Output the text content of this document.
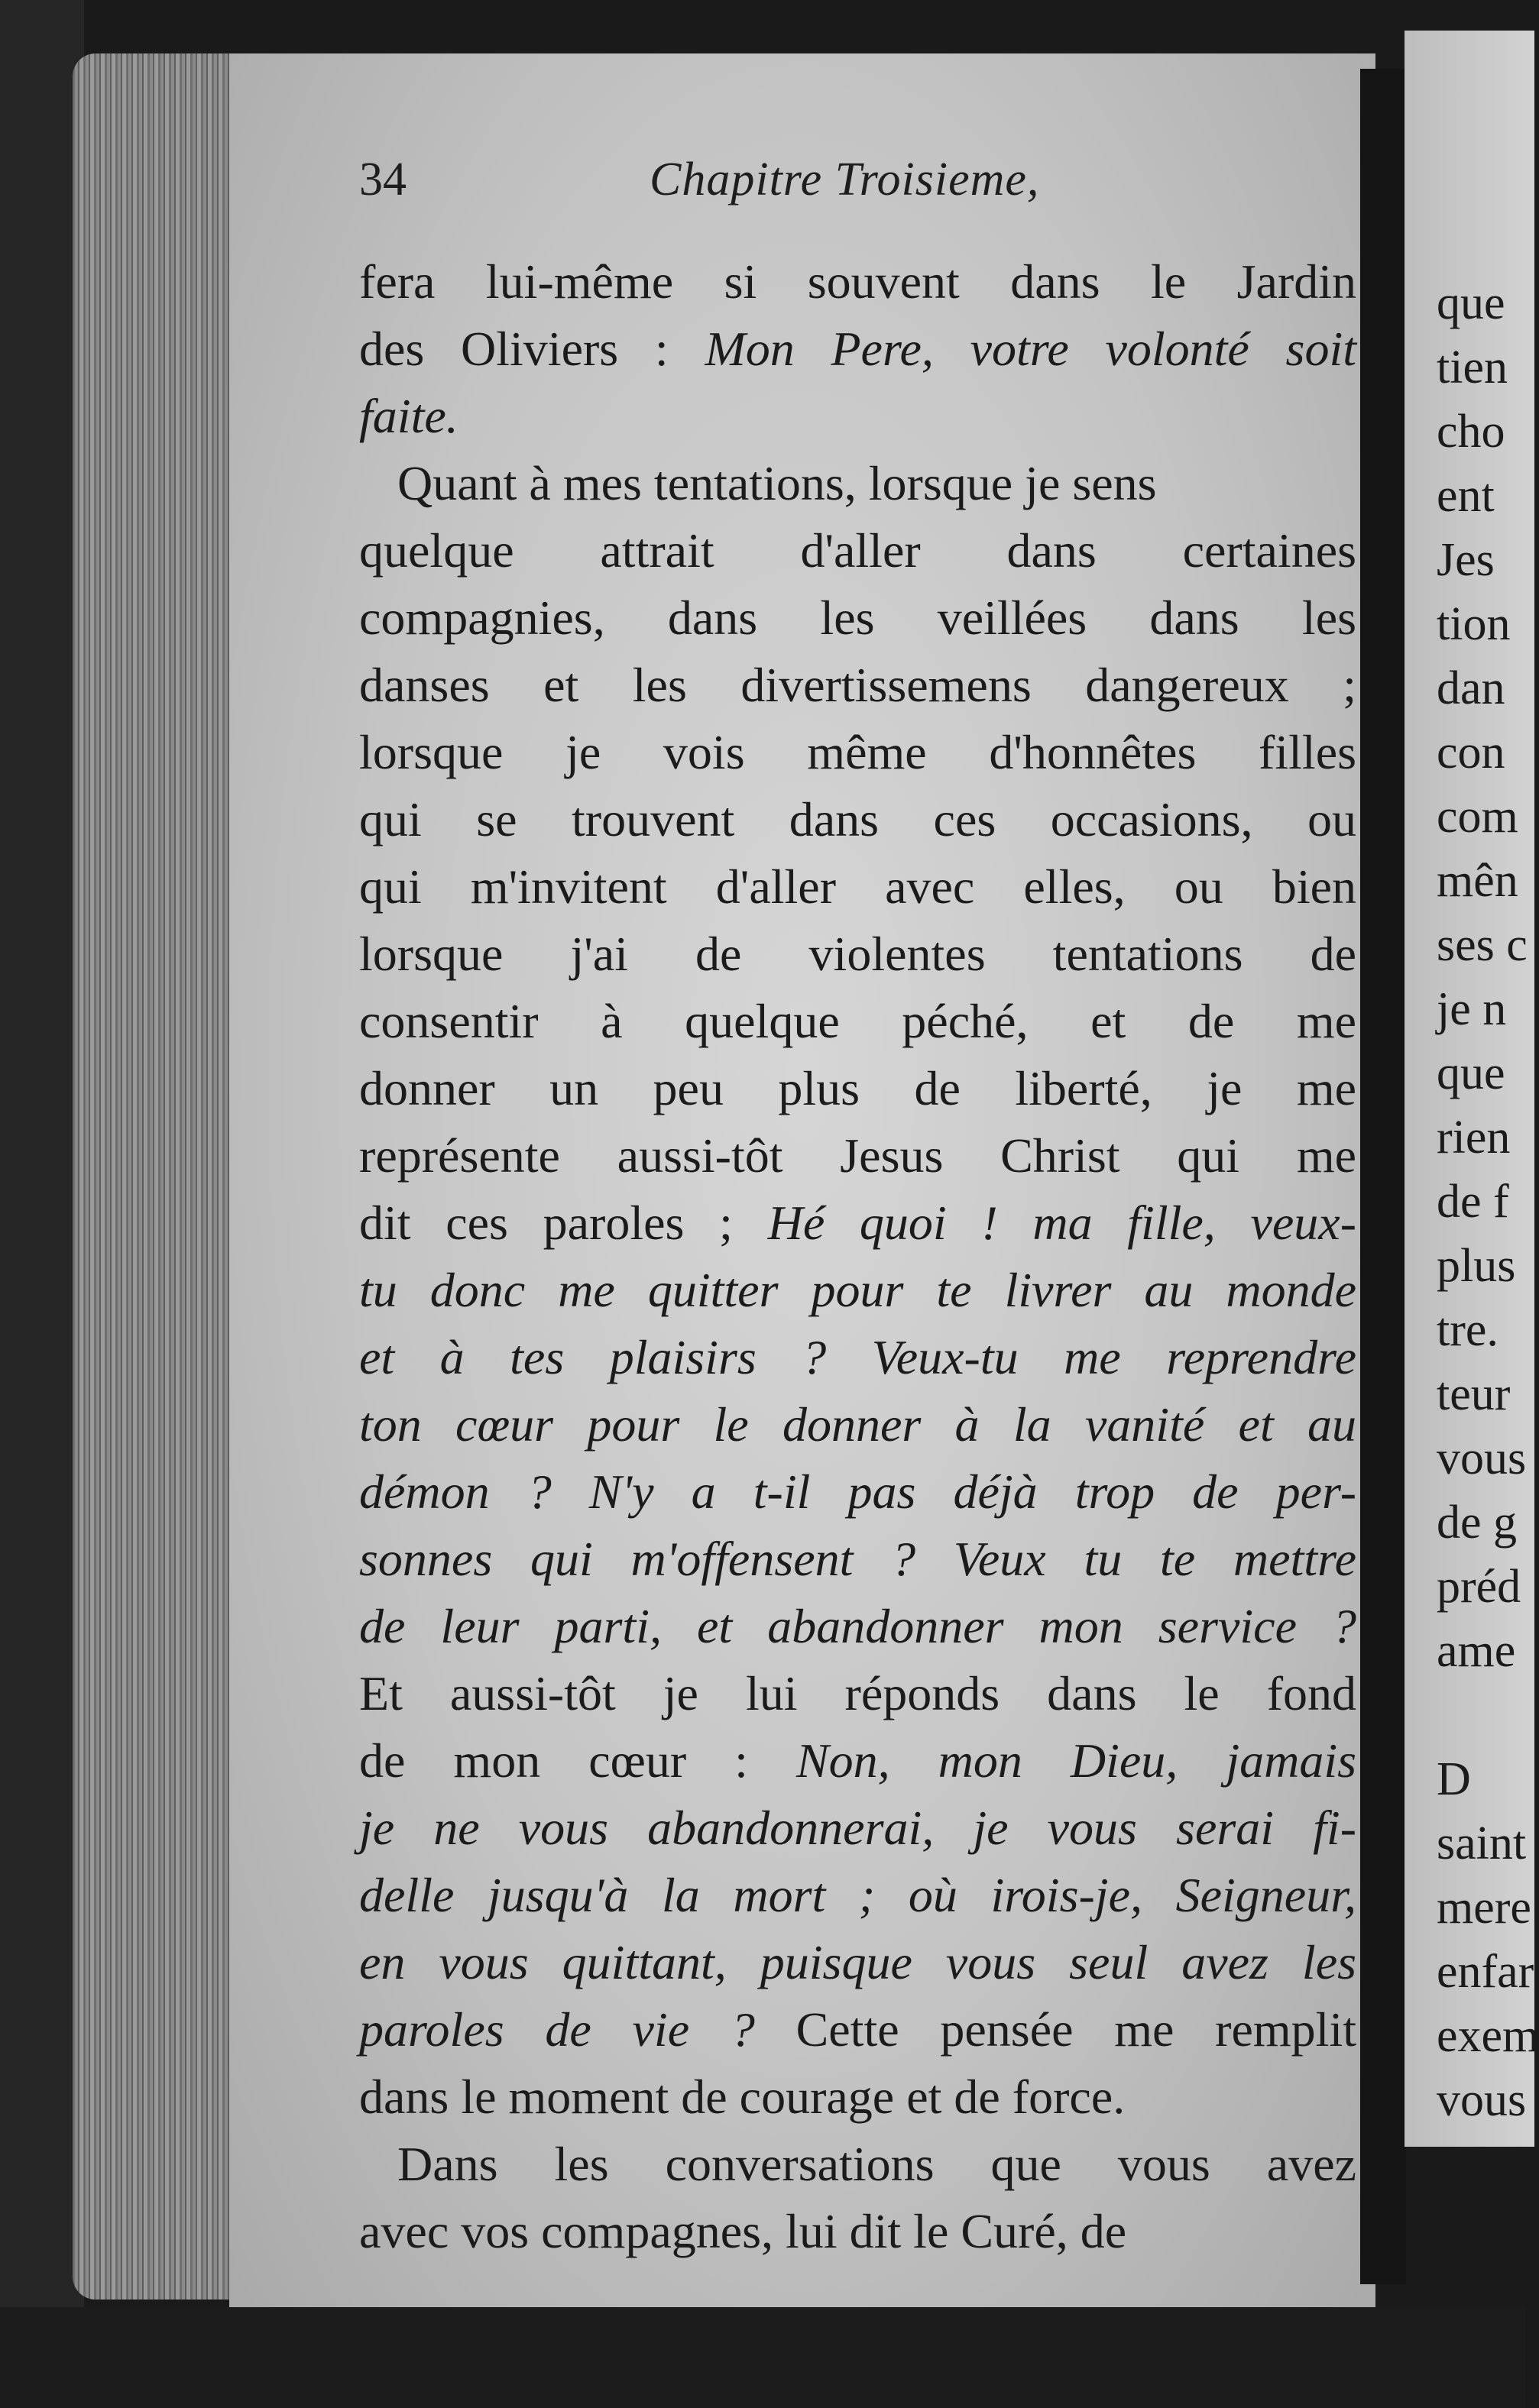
34	Chapitre Troisieme,
fera lui-même si souvent dans le Jardin
des Oliviers : Mon Pere, votre volonté soit
faite.
Quant à mes tentations, lorsque je sens
quelque attrait d'aller dans certaines
compagnies, dans les veillées dans les
danses et les divertissemens dangereux ;
lorsque je vois même d'honnêtes filles
qui se trouvent dans ces occasions, ou
qui m'invitent d'aller avec elles, ou bien
lorsque j'ai de violentes tentations de
consentir à quelque péché, et de me
donner un peu plus de liberté, je me
représente aussi-tôt Jesus Christ qui me
dit ces paroles ; Hé quoi ! ma fille, veux-
tu donc me quitter pour te livrer au monde
et à tes plaisirs ? Veux-tu me reprendre
ton cœur pour le donner à la vanité et au
démon ? N'y a t-il pas déjà trop de per-
sonnes qui m'offensent ? Veux tu te mettre
de leur parti, et abandonner mon service ?
Et aussi-tôt je lui réponds dans le fond
de mon cœur : Non, mon Dieu, jamais
je ne vous abandonnerai, je vous serai fi-
delle jusqu'à la mort ; où irois-je, Seigneur,
en vous quittant, puisque vous seul avez les
paroles de vie ? Cette pensée me remplit
dans le moment de courage et de force.
Dans les conversations que vous avez
avec vos compagnes, lui dit le Curé, de
que
tien
cho
ent
Jes
tion
dan
con
com
mên
ses c
je n
que
rien
de f
plus
tre.
teur
vous
de g
préd
ame
D
saint
mere
enfar
exem
vous
